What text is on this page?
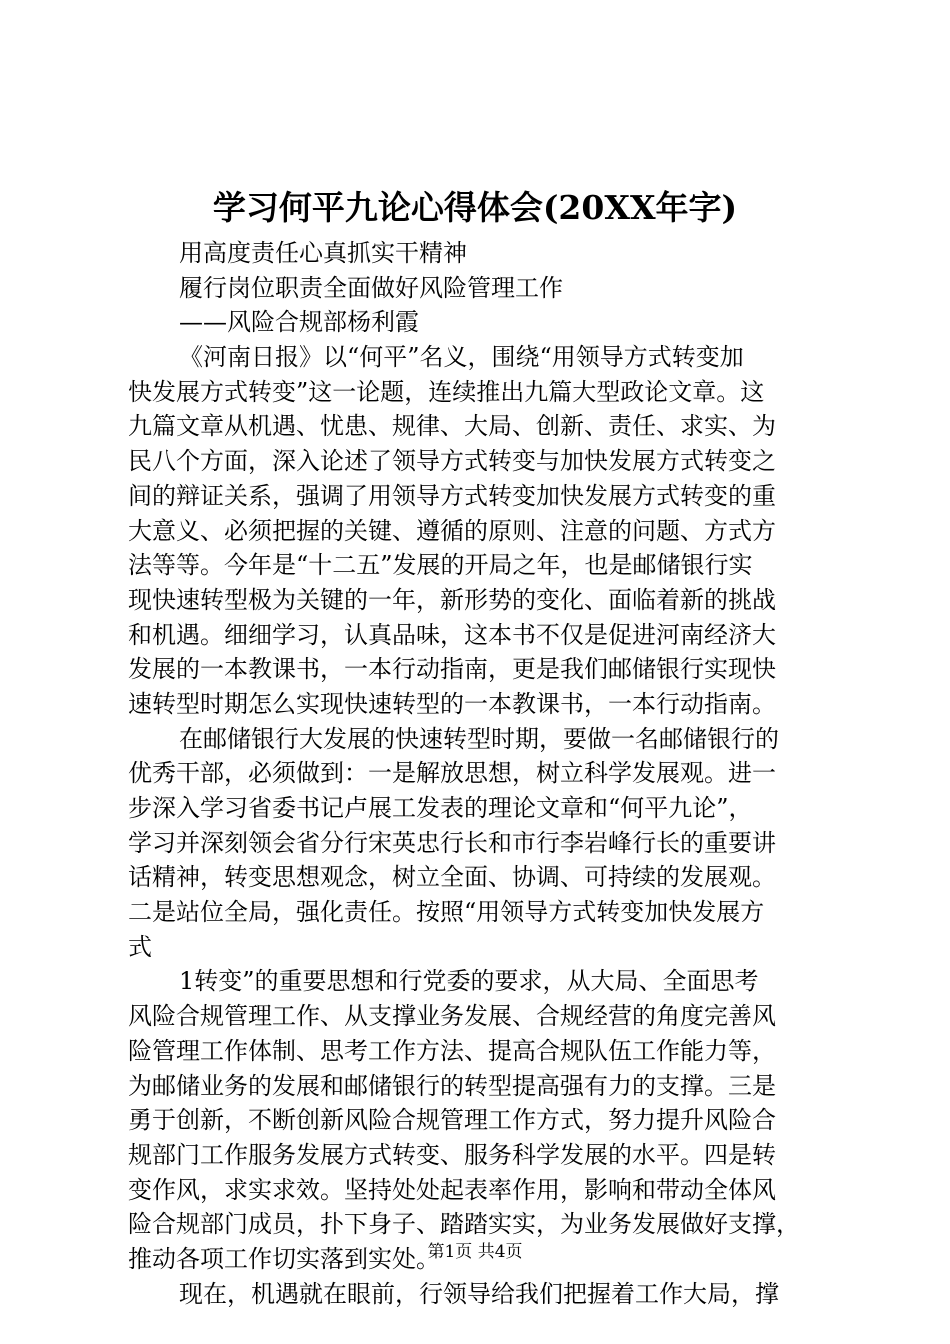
学习何平九论心得体会(20XX年字)
用高度责任心真抓实干精神
履行岗位职责全面做好风险管理工作
——风险合规部杨利霞
《河南日报》以“何平”名义，围绕“用领导方式转变加
快发展方式转变”这一论题，连续推出九篇大型政论文章。这
九篇文章从机遇、忧患、规律、大局、创新、责任、求实、为
民八个方面，深入论述了领导方式转变与加快发展方式转变之
间的辩证关系，强调了用领导方式转变加快发展方式转变的重
大意义、必须把握的关键、遵循的原则、注意的问题、方式方
法等等。今年是“十二五”发展的开局之年，也是邮储银行实
现快速转型极为关键的一年，新形势的变化、面临着新的挑战
和机遇。细细学习，认真品味，这本书不仅是促进河南经济大
发展的一本教课书，一本行动指南，更是我们邮储银行实现快
速转型时期怎么实现快速转型的一本教课书，一本行动指南。
在邮储银行大发展的快速转型时期，要做一名邮储银行的
优秀干部，必须做到：一是解放思想，树立科学发展观。进一
步深入学习省委书记卢展工发表的理论文章和“何平九论”，
学习并深刻领会省分行宋英忠行长和市行李岩峰行长的重要讲
话精神，转变思想观念，树立全面、协调、可持续的发展观。
二是站位全局，强化责任。按照“用领导方式转变加快发展方
式
1转变”的重要思想和行党委的要求，从大局、全面思考
风险合规管理工作、从支撑业务发展、合规经营的角度完善风
险管理工作体制、思考工作方法、提高合规队伍工作能力等，
为邮储业务的发展和邮储银行的转型提高强有力的支撑。三是
勇于创新，不断创新风险合规管理工作方式，努力提升风险合
规部门工作服务发展方式转变、服务科学发展的水平。四是转
变作风，求实求效。坚持处处起表率作用，影响和带动全体风
险合规部门成员，扑下身子、踏踏实实，为业务发展做好支撑，
推动各项工作切实落到实处。
现在，机遇就在眼前，行领导给我们把握着工作大局，撑
第1页 共4页
